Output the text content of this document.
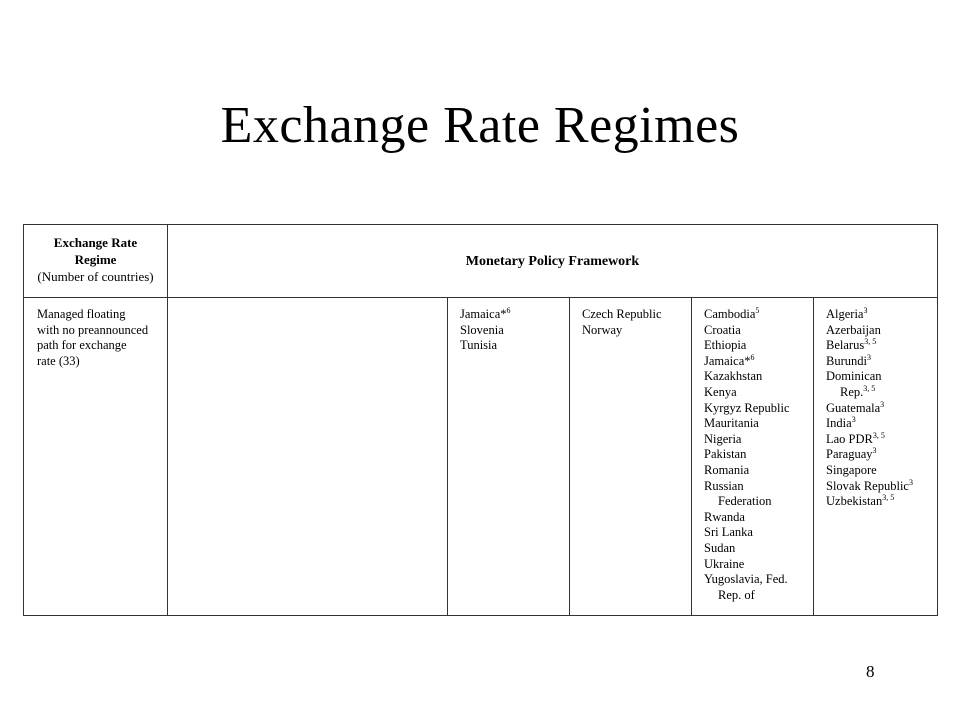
Exchange Rate Regimes
Exchange Rate
Regime
(Number of countries)
Monetary Policy Framework
Managed floating
with no preannounced
path for exchange
rate (33)
Jamaica*$^6$
Slovenia
Tunisia
Czech Republic
Norway
Cambodia$^5$
Croatia
Ethiopia
Jamaica*$^6$
Kazakhstan
Kenya
Kyrgyz Republic
Mauritania
Nigeria
Pakistan
Romania
Russian
Federation
Rwanda
Sri Lanka
Sudan
Ukraine
Yugoslavia, Fed.
Rep. of
Algeria$^3$
Azerbaijan
Belarus$^{3, 5}$
Burundi$^3$
Dominican
Rep.$^{3, 5}$
Guatemala$^3$
India$^3$
Lao PDR$^{3, 5}$
Paraguay$^3$
Singapore
Slovak Republic$^3$
Uzbekistan$^{3, 5}$
8
